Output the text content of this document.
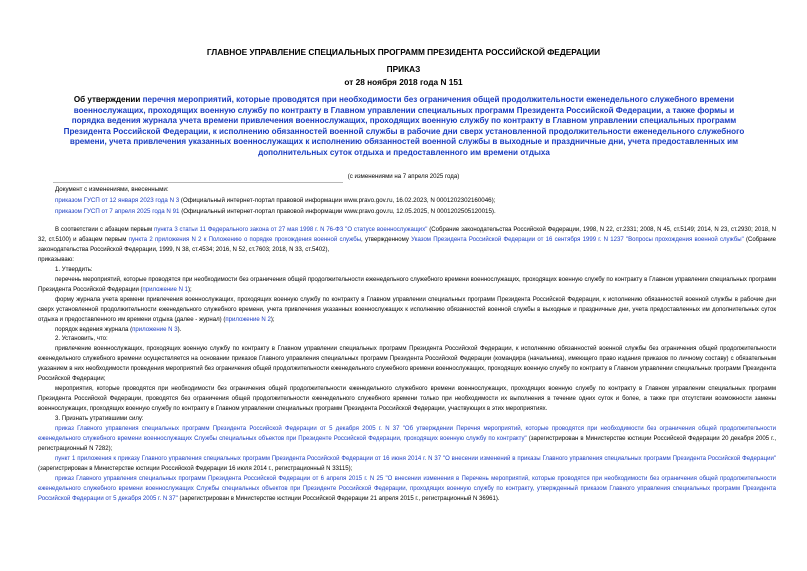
ГЛАВНОЕ УПРАВЛЕНИЕ СПЕЦИАЛЬНЫХ ПРОГРАММ ПРЕЗИДЕНТА РОССИЙСКОЙ ФЕДЕРАЦИИ
ПРИКАЗ
от 28 ноября 2018 года N 151
Об утверждении перечня мероприятий, которые проводятся при необходимости без ограничения общей продолжительности еженедельного служебного времени военнослужащих, проходящих военную службу по контракту в Главном управлении специальных программ Президента Российской Федерации, а также формы и порядка ведения журнала учета времени привлечения военнослужащих, проходящих военную службу по контракту в Главном управлении специальных программ Президента Российской Федерации, к исполнению обязанностей военной службы в рабочие дни сверх установленной продолжительности еженедельного служебного времени, учета привлечения указанных военнослужащих к исполнению обязанностей военной службы в выходные и праздничные дни, учета предоставленных им дополнительных суток отдыха и предоставленного им времени отдыха
(с изменениями на 7 апреля 2025 года)
Документ с изменениями, внесенными:
приказом ГУСП от 12 января 2023 года N 3 (Официальный интернет-портал правовой информации www.pravo.gov.ru, 16.02.2023, N 0001202302160046);
приказом ГУСП от 7 апреля 2025 года N 91 (Официальный интернет-портал правовой информации www.pravo.gov.ru, 12.05.2025, N 0001202505120015).

В соответствии с абзацем первым пункта 3 статьи 11 Федерального закона от 27 мая 1998 г. N 76-ФЗ "О статусе военнослужащих" (Собрание законодательства Российской Федерации, 1998, N 22, ст.2331; 2008, N 45, ст.5149; 2014, N 23, ст.2930; 2018, N 32, ст.5100) и абзацем первым пункта 2 приложения N 2 к Положению о порядке прохождения военной службы, утвержденному Указом Президента Российской Федерации от 16 сентября 1999 г. N 1237 "Вопросы прохождения военной службы" (Собрание законодательства Российской Федерации, 1999, N 38, ст.4534; 2016, N 52, ст.7603; 2018, N 33, ст.5402),

приказываю:

1. Утвердить:

перечень мероприятий, которые проводятся при необходимости без ограничения общей продолжительности еженедельного служебного времени военнослужащих, проходящих военную службу по контракту в Главном управлении специальных программ Президента Российской Федерации (приложение N 1);

форму журнала учета времени привлечения военнослужащих, проходящих военную службу по контракту в Главном управлении специальных программ Президента Российской Федерации, к исполнению обязанностей военной службы в рабочие дни сверх установленной продолжительности еженедельного служебного времени, учета привлечения указанных военнослужащих к исполнению обязанностей военной службы в выходные и праздничные дни, учета предоставленных им дополнительных суток отдыха и предоставленного им времени отдыха (далее - журнал) (приложение N 2);

порядок ведения журнала (приложение N 3).

2. Установить, что:

привлечение военнослужащих, проходящих военную службу по контракту в Главном управлении специальных программ Президента Российской Федерации, к исполнению обязанностей военной службы без ограничения общей продолжительности еженедельного служебного времени осуществляется на основании приказов Главного управления специальных программ Президента Российской Федерации (командира (начальника), имеющего право издания приказов по личному составу) с обязательным указанием в них необходимости проведения мероприятий без ограничения общей продолжительности еженедельного служебного времени военнослужащих, проходящих военную службу по контракту в Главном управлении специальных программ Президента Российской Федерации;

мероприятия, которые проводятся при необходимости без ограничения общей продолжительности еженедельного служебного времени военнослужащих, проходящих военную службу по контракту в Главном управлении специальных программ Президента Российской Федерации, проводятся без ограничения общей продолжительности еженедельного служебного времени только при необходимости их выполнения в течение одних суток и более, а также при отсутствии возможности замены военнослужащих, проходящих военную службу по контракту в Главном управлении специальных программ Президента Российской Федерации, участвующих в этих мероприятиях.

3. Признать утратившими силу:

приказ Главного управления специальных программ Президента Российской Федерации от 5 декабря 2005 г. N 37 "Об утверждении Перечня мероприятий, которые проводятся при необходимости без ограничения общей продолжительности еженедельного служебного времени военнослужащих Службы специальных объектов при Президенте Российской Федерации, проходящих военную службу по контракту" (зарегистрирован в Министерстве юстиции Российской Федерации 20 декабря 2005 г., регистрационный N 7282);

пункт 1 приложения к приказу Главного управления специальных программ Президента Российской Федерации от 16 июня 2014 г. N 37 "О внесении изменений в приказы Главного управления специальных программ Президента Российской Федерации" (зарегистрирован в Министерстве юстиции Российской Федерации 16 июля 2014 г., регистрационный N 33115);

приказ Главного управления специальных программ Президента Российской Федерации от 6 апреля 2015 г. N 25 "О внесении изменения в Перечень мероприятий, которые проводятся при необходимости без ограничения общей продолжительности еженедельного служебного времени военнослужащих Службы специальных объектов при Президенте Российской Федерации, проходящих военную службу по контракту, утвержденный приказом Главного управления специальных программ Президента Российской Федерации от 5 декабря 2005 г. N 37" (зарегистрирован в Министерстве юстиции Российской Федерации 21 апреля 2015 г., регистрационный N 36961).
